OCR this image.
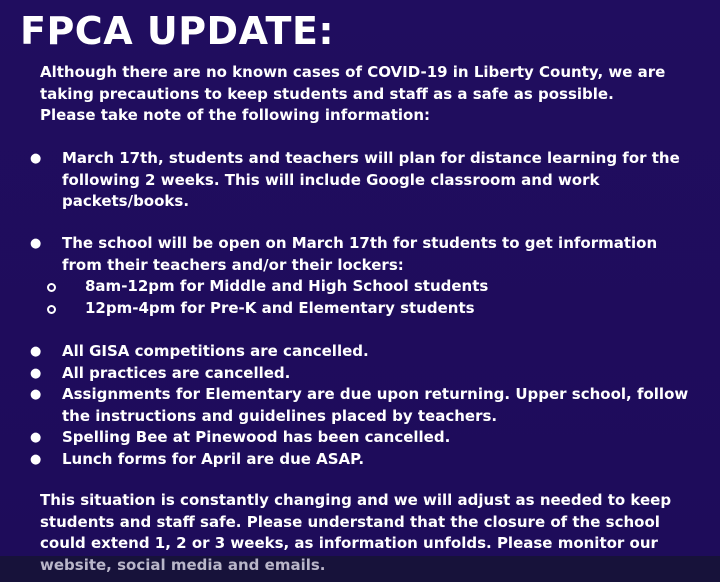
FPCA UPDATE:
Although there are no known cases of COVID-19 in Liberty County, we are
taking precautions to keep students and staff as a safe as possible.
Please take note of the following information:
● March 17th, students and teachers will plan for distance learning for the following 2 weeks. This will include Google classroom and work packets/books.
● The school will be open on March 17th for students to get information from their teachers and/or their lockers:
8am-12pm for Middle and High School students
12pm-4pm for Pre-K and Elementary students
● All GISA competitions are cancelled.
● All practices are cancelled.
● Assignments for Elementary are due upon returning. Upper school, follow the instructions and guidelines placed by teachers.
● Spelling Bee at Pinewood has been cancelled.
● Lunch forms for April are due ASAP.
This situation is constantly changing and we will adjust as needed to keep
students and staff safe. Please understand that the closure of the school
could extend 1, 2 or 3 weeks, as information unfolds. Please monitor our
website, social media and emails.
